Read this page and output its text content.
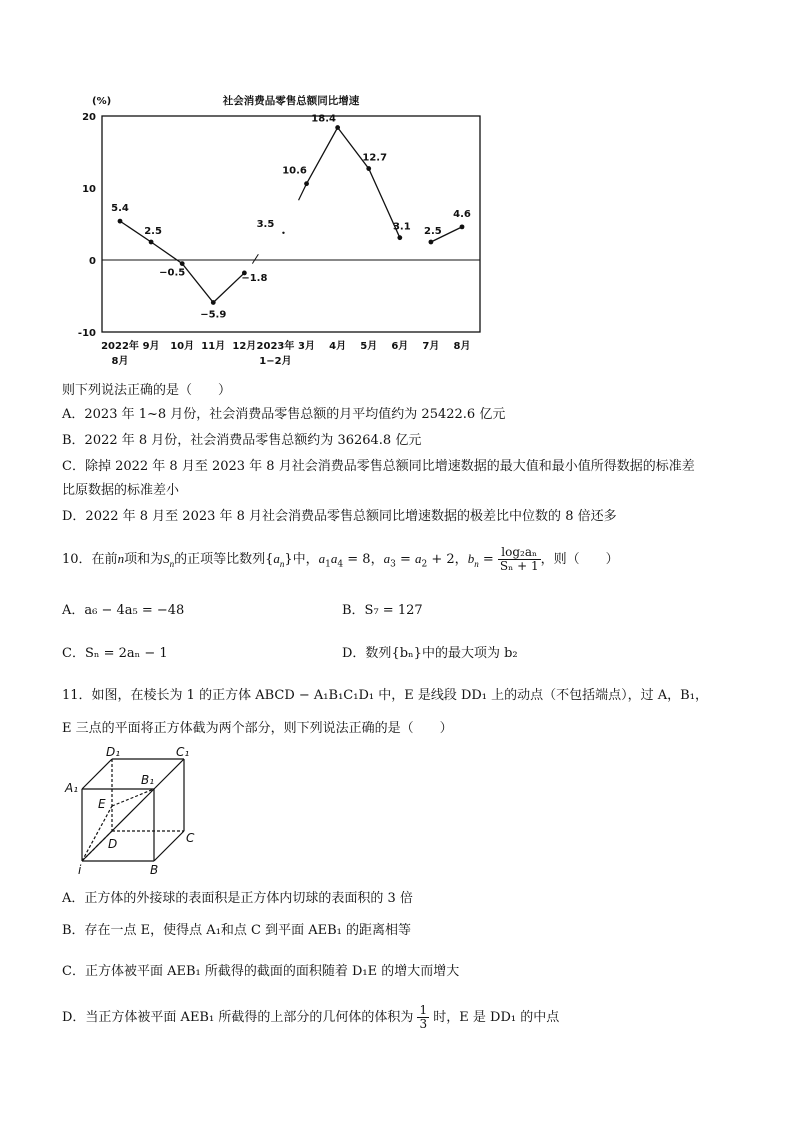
(%)	社会消费品零售总额同比增速
20
10
0
-10
5.4
2.5
−0.5
−5.9
−1.8
3.5
10.6
18.4
12.7
3.1 2.5
4.6
2022年
8月
9月 10月 11月 12月 2023年
1−2月
3月 4月 5月 6月 7月 8月
则下列说法正确的是（　　）
A．2023 年 1~8 月份，社会消费品零售总额的月平均值约为 25422.6 亿元
B．2022 年 8 月份，社会消费品零售总额约为 36264.8 亿元
C．除掉 2022 年 8 月至 2023 年 8 月社会消费品零售总额同比增速数据的最大值和最小值所得数据的标准差
比原数据的标准差小
D．2022 年 8 月至 2023 年 8 月社会消费品零售总额同比增速数据的极差比中位数的 8 倍还多
10．在前n项和为$S_n$的正项等比数列$\{a_n\}$中，$a_1a_4 = 8$，$a_3 = a_2 + 2$，$b_n = \frac{\text{log₂aₙ}}{\text{Sₙ + 1}}$ ，则（　　）
A．a₆ − 4a₅ = −48	B．S₇ = 127
C．Sₙ = 2aₙ − 1	D．数列{bₙ}中的最大项为 b₂
11．如图，在棱长为 1 的正方体 ABCD − A₁B₁C₁D₁ 中，E 是线段 DD₁ 上的动点（不包括端点），过 A，B₁，
E 三点的平面将正方体截为两个部分，则下列说法正确的是（　　）
D₁	C₁
A₁
B₁
E
D	C
i	B
A．正方体的外接球的表面积是正方体内切球的表面积的 3 倍
B．存在一点 E，使得点 A₁和点 C 到平面 AEB₁ 的距离相等
C．正方体被平面 AEB₁ 所截得的截面的面积随着 D₁E 的增大而增大
D．当正方体被平面 AEB₁ 所截得的上部分的几何体的体积为 $\frac{1}{3}$ 时，E 是 DD₁ 的中点
